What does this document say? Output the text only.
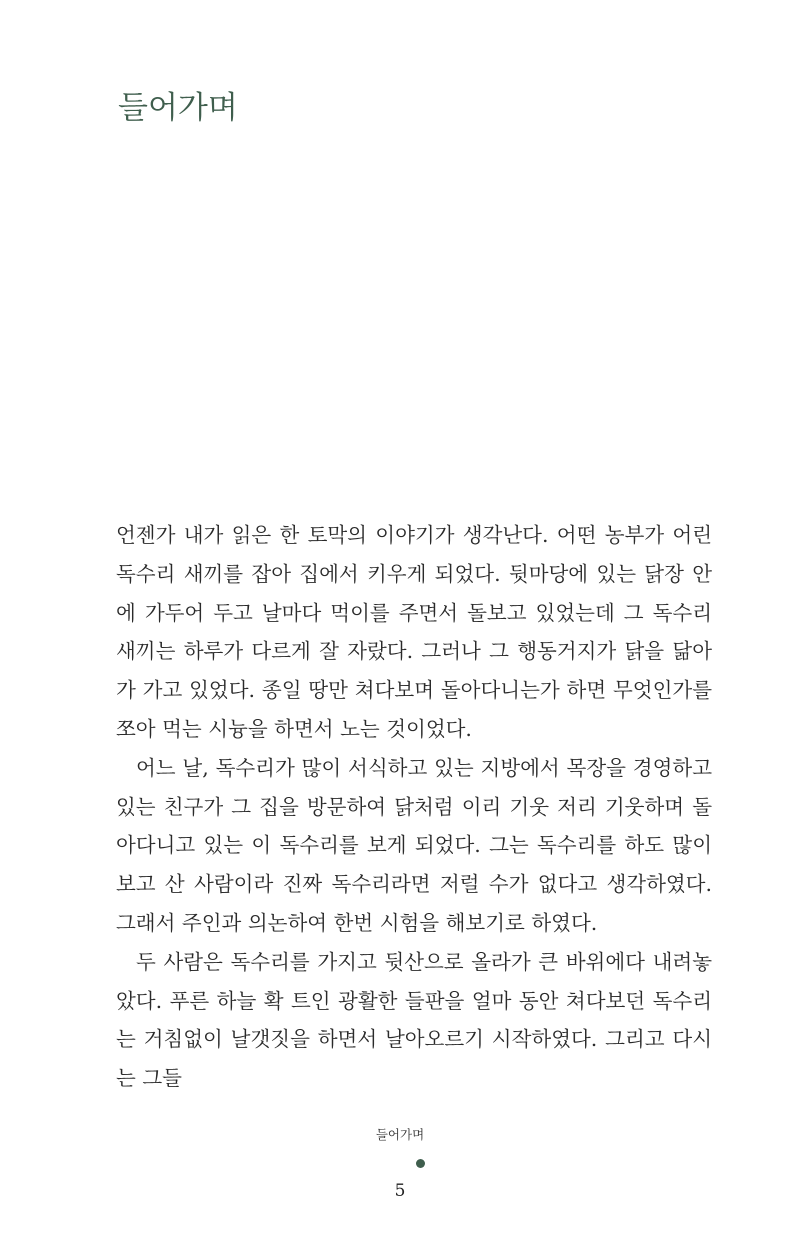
들어가며

언젠가 내가 읽은 한 토막의 이야기가 생각난다. 어떤 농부가 어린 독수리 새끼를 잡아 집에서 키우게 되었다. 뒷마당에 있는 닭장 안에 가두어 두고 날마다 먹이를 주면서 돌보고 있었는데 그 독수리 새끼는 하루가 다르게 잘 자랐다. 그러나 그 행동거지가 닭을 닮아가 가고 있었다. 종일 땅만 쳐다보며 돌아다니는가 하면 무엇인가를 쪼아 먹는 시늉을 하면서 노는 것이었다.

어느 날, 독수리가 많이 서식하고 있는 지방에서 목장을 경영하고 있는 친구가 그 집을 방문하여 닭처럼 이리 기웃 저리 기웃하며 돌아다니고 있는 이 독수리를 보게 되었다. 그는 독수리를 하도 많이 보고 산 사람이라 진짜 독수리라면 저럴 수가 없다고 생각하였다. 그래서 주인과 의논하여 한번 시험을 해보기로 하였다.

두 사람은 독수리를 가지고 뒷산으로 올라가 큰 바위에다 내려놓았다. 푸른 하늘 확 트인 광활한 들판을 얼마 동안 쳐다보던 독수리는 거침없이 날갯짓을 하면서 날아오르기 시작하였다. 그리고 다시는 그들

들어가며
5
